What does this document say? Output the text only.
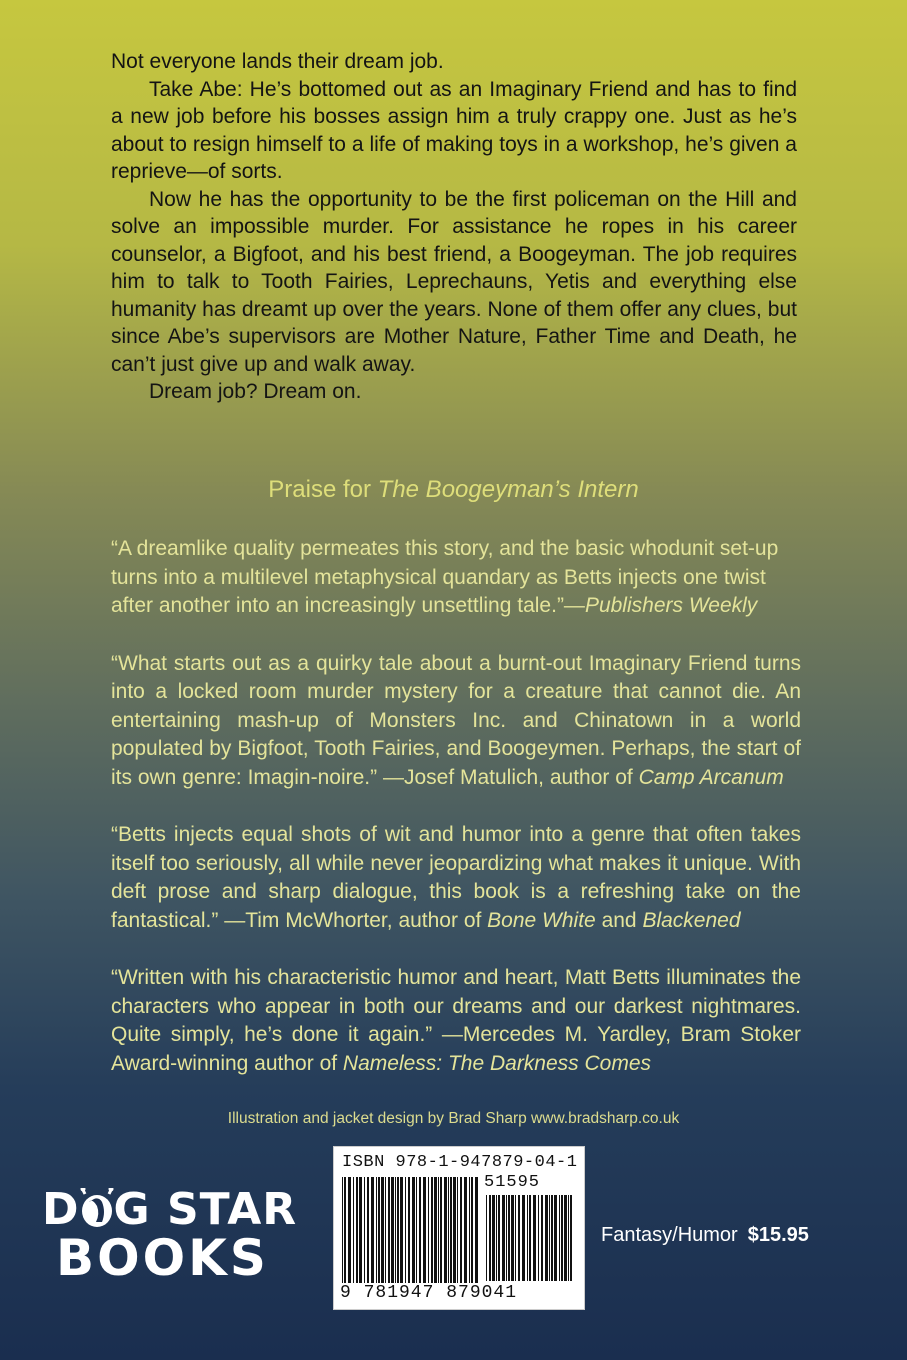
Not everyone lands their dream job.

Take Abe: He’s bottomed out as an Imaginary Friend and has to find a new job before his bosses assign him a truly crappy one. Just as he’s about to resign himself to a life of making toys in a workshop, he’s given a reprieve—of sorts.

Now he has the opportunity to be the first policeman on the Hill and solve an impossible murder. For assistance he ropes in his career counselor, a Bigfoot, and his best friend, a Boogeyman. The job requires him to talk to Tooth Fairies, Leprechauns, Yetis and everything else humanity has dreamt up over the years. None of them offer any clues, but since Abe’s supervisors are Mother Nature, Father Time and Death, he can’t just give up and walk away.

Dream job? Dream on.

Praise for The Boogeyman’s Intern

“A dreamlike quality permeates this story, and the basic whodunit set-up turns into a multilevel metaphysical quandary as Betts injects one twist after another into an increasingly unsettling tale.”—Publishers Weekly

“What starts out as a quirky tale about a burnt-out Imaginary Friend turns into a locked room murder mystery for a creature that cannot die. An entertaining mash-up of Monsters Inc. and Chinatown in a world populated by Bigfoot, Tooth Fairies, and Boogeymen. Perhaps, the start of its own genre: Imagin-noire.” —Josef Matulich, author of Camp Arcanum

“Betts injects equal shots of wit and humor into a genre that often takes itself too seriously, all while never jeopardizing what makes it unique. With deft prose and sharp dialogue, this book is a refreshing take on the fantastical.” —Tim McWhorter, author of Bone White and Blackened

“Written with his characteristic humor and heart, Matt Betts illuminates the characters who appear in both our dreams and our darkest nightmares. Quite simply, he’s done it again.” —Mercedes M. Yardley, Bram Stoker Award-winning author of Nameless: The Darkness Comes

Illustration and jacket design by Brad Sharp www.bradsharp.co.uk
D G STAR
BOOKS
ISBN 978-1-947879-04-1
51595
9 781947 879041
Fantasy/Humor $15.95
